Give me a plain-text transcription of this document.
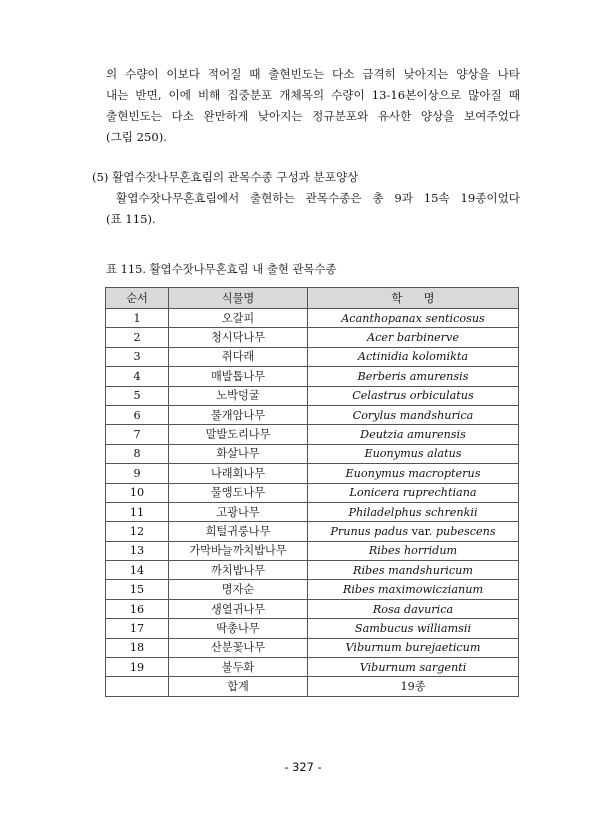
의 수량이 이보다 적어질 때 출현빈도는 다소 급격히 낮아지는 양상을 나타
내는 반면, 이에 비해 집중분포 개체목의 수량이 13-16본이상으로 많아질 때
출현빈도는 다소 완만하게 낮아지는 정규분포와 유사한 양상을 보여주었다
(그림 250).

(5) 활엽수잣나무혼효림의 관목수종 구성과 분포양상

활엽수잣나무혼효림에서 출현하는 관목수종은 총 9과 15속 19종이었다

(표 115).

표 115. 활엽수잣나무혼효림 내 출현 관목수종

순서	식물명	학      명
1	오갈피	Acanthopanax senticosus
2	청시닥나무	Acer barbinerve
3	쥐다래	Actinidia kolomikta
4	매발톱나무	Berberis amurensis
5	노박덩굴	Celastrus orbiculatus
6	물개암나무	Corylus mandshurica
7	말발도리나무	Deutzia amurensis
8	화살나무	Euonymus alatus
9	나래회나무	Euonymus macropterus
10	물앵도나무	Lonicera ruprechtiana
11	고광나무	Philadelphus schrenkii
12	희털귀룽나무	Prunus padus var. pubescens
13	가막바늘까치밥나무	Ribes horridum
14	까치밥나무	Ribes mandshuricum
15	명자순	Ribes maximowiczianum
16	생열귀나무	Rosa davurica
17	딱총나무	Sambucus williamsii
18	산분꽃나무	Viburnum burejaeticum
19	불두화	Viburnum sargenti
	합계	19종
- 327 -
